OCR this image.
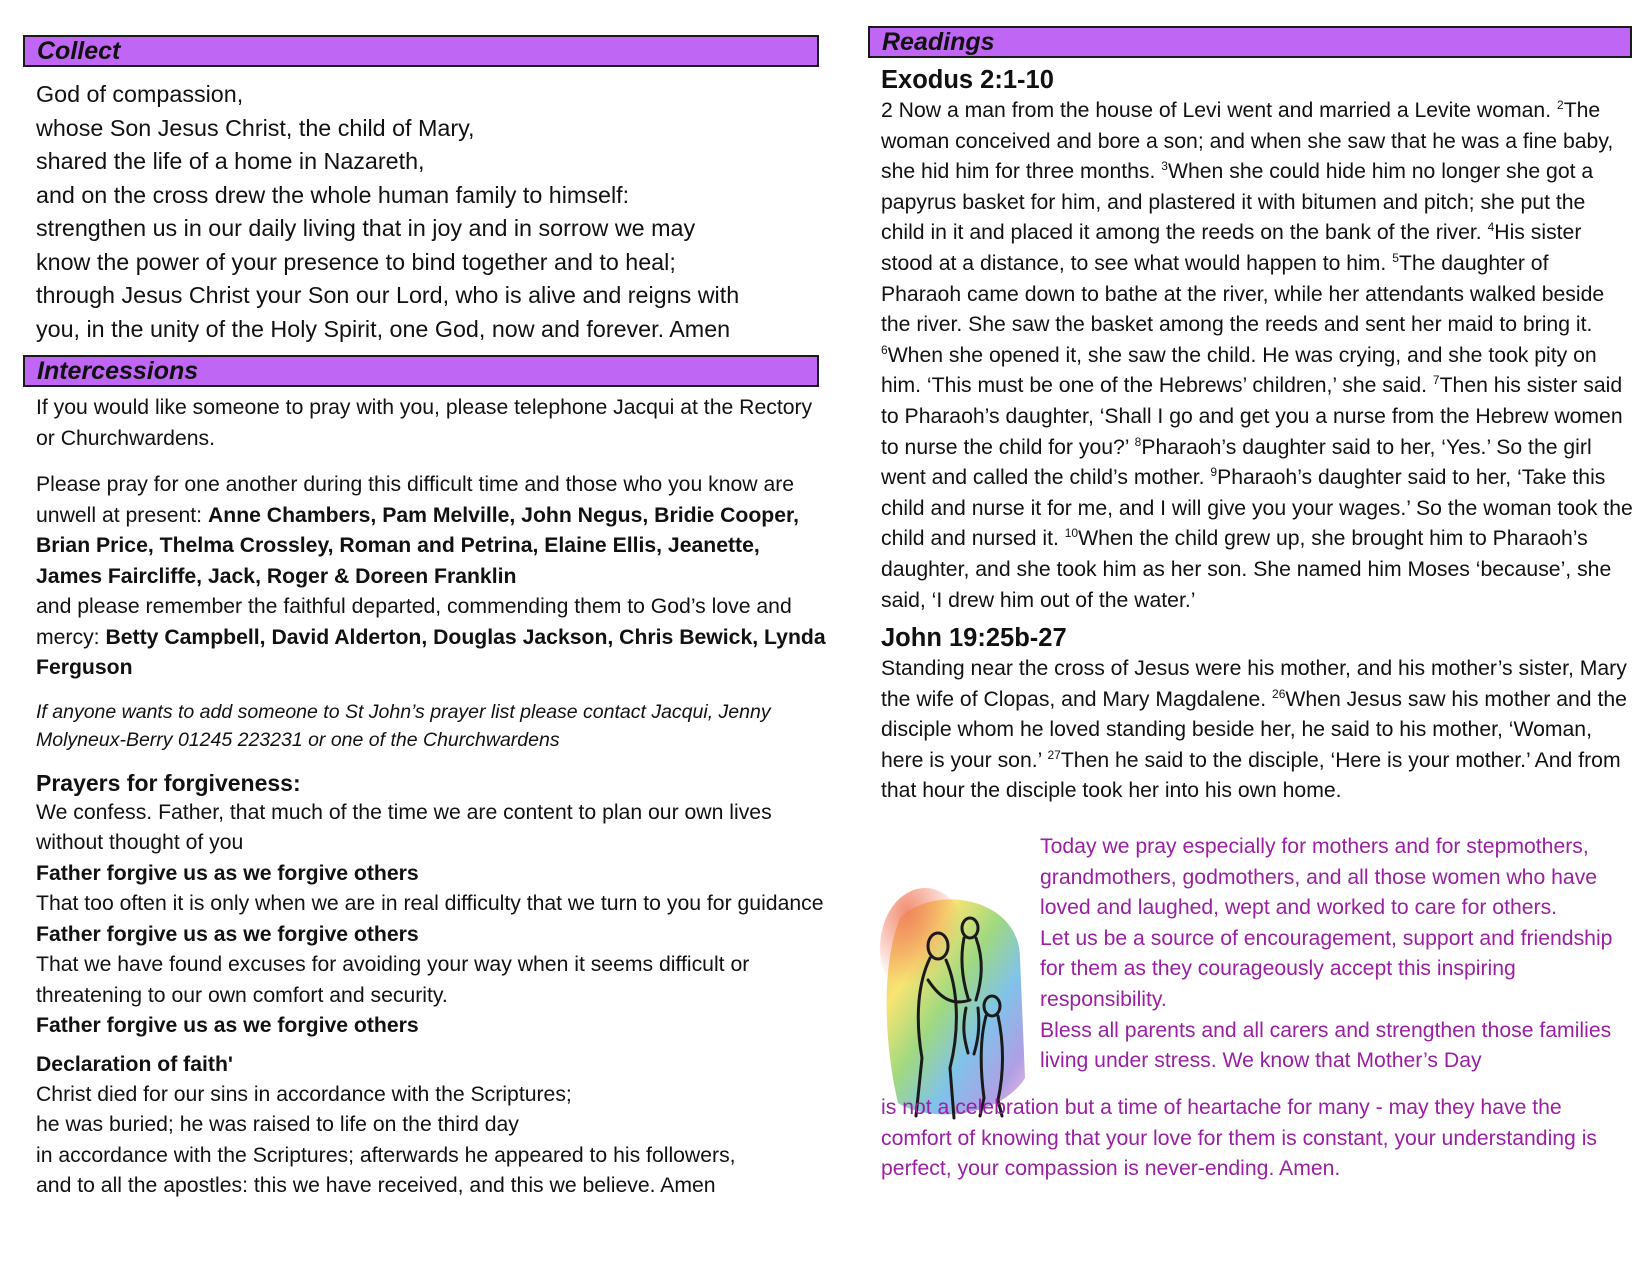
Collect
God of compassion,
whose Son Jesus Christ, the child of Mary,
shared the life of a home in Nazareth,
and on the cross drew the whole human family to himself:
strengthen us in our daily living that in joy and in sorrow we may
know the power of your presence to bind together and to heal;
through Jesus Christ your Son our Lord, who is alive and reigns with
you, in the unity of the Holy Spirit, one God, now and forever. Amen
Intercessions

If you would like someone to pray with you, please telephone Jacqui at the Rectory or Churchwardens.

Please pray for one another during this difficult time and those who you know are unwell at present: Anne Chambers, Pam Melville, John Negus, Bridie Cooper, Brian Price, Thelma Crossley, Roman and Petrina, Elaine Ellis, Jeanette, James Faircliffe, Jack, Roger & Doreen Franklin

and please remember the faithful departed, commending them to God’s love and mercy: Betty Campbell, David Alderton, Douglas Jackson, Chris Bewick, Lynda Ferguson

If anyone wants to add someone to St John’s prayer list please contact Jacqui, Jenny Molyneux-Berry 01245 223231 or one of the Churchwardens

Prayers for forgiveness:

We confess. Father, that much of the time we are content to plan our own lives without thought of you

Father forgive us as we forgive others

That too often it is only when we are in real difficulty that we turn to you for guidance

Father forgive us as we forgive others

That we have found excuses for avoiding your way when it seems difficult or threatening to our own comfort and security.

Father forgive us as we forgive others

Declaration of faith'

Christ died for our sins in accordance with the Scriptures;
he was buried; he was raised to life on the third day
in accordance with the Scriptures; afterwards he appeared to his followers,
and to all the apostles: this we have received, and this we believe. Amen
Readings

Exodus 2:1-10

2 Now a man from the house of Levi went and married a Levite woman. $^2$The woman conceived and bore a son; and when she saw that he was a fine baby, she hid him for three months. $^3$When she could hide him no longer she got a papyrus basket for him, and plastered it with bitumen and pitch; she put the child in it and placed it among the reeds on the bank of the river. $^4$His sister stood at a distance, to see what would happen to him. $^5$The daughter of Pharaoh came down to bathe at the river, while her attendants walked beside the river. She saw the basket among the reeds and sent her maid to bring it. $^6$When she opened it, she saw the child. He was crying, and she took pity on him. ‘This must be one of the Hebrews’ children,’ she said. $^7$Then his sister said to Pharaoh’s daughter, ‘Shall I go and get you a nurse from the Hebrew women to nurse the child for you?’ $^8$Pharaoh’s daughter said to her, ‘Yes.’ So the girl went and called the child’s mother. $^9$Pharaoh’s daughter said to her, ‘Take this child and nurse it for me, and I will give you your wages.’ So the woman took the child and nursed it. $^{10}$When the child grew up, she brought him to Pharaoh’s daughter, and she took him as her son. She named him Moses ‘because’, she said, ‘I drew him out of the water.’

John 19:25b-27

Standing near the cross of Jesus were his mother, and his mother’s sister, Mary the wife of Clopas, and Mary Magdalene. $^{26}$When Jesus saw his mother and the disciple whom he loved standing beside her, he said to his mother, ‘Woman, here is your son.’ $^{27}$Then he said to the disciple, ‘Here is your mother.’ And from that hour the disciple took her into his own home.

Today we pray especially for mothers and for stepmothers, grandmothers, godmothers, and all those women who have loved and laughed, wept and worked to care for others.

Let us be a source of encouragement, support and friendship for them as they courageously accept this inspiring responsibility.

Bless all parents and all carers and strengthen those families living under stress. We know that Mother’s Day

is not a celebration but a time of heartache for many - may they have the comfort of knowing that your love for them is constant, your understanding is perfect, your compassion is never-ending. Amen.
